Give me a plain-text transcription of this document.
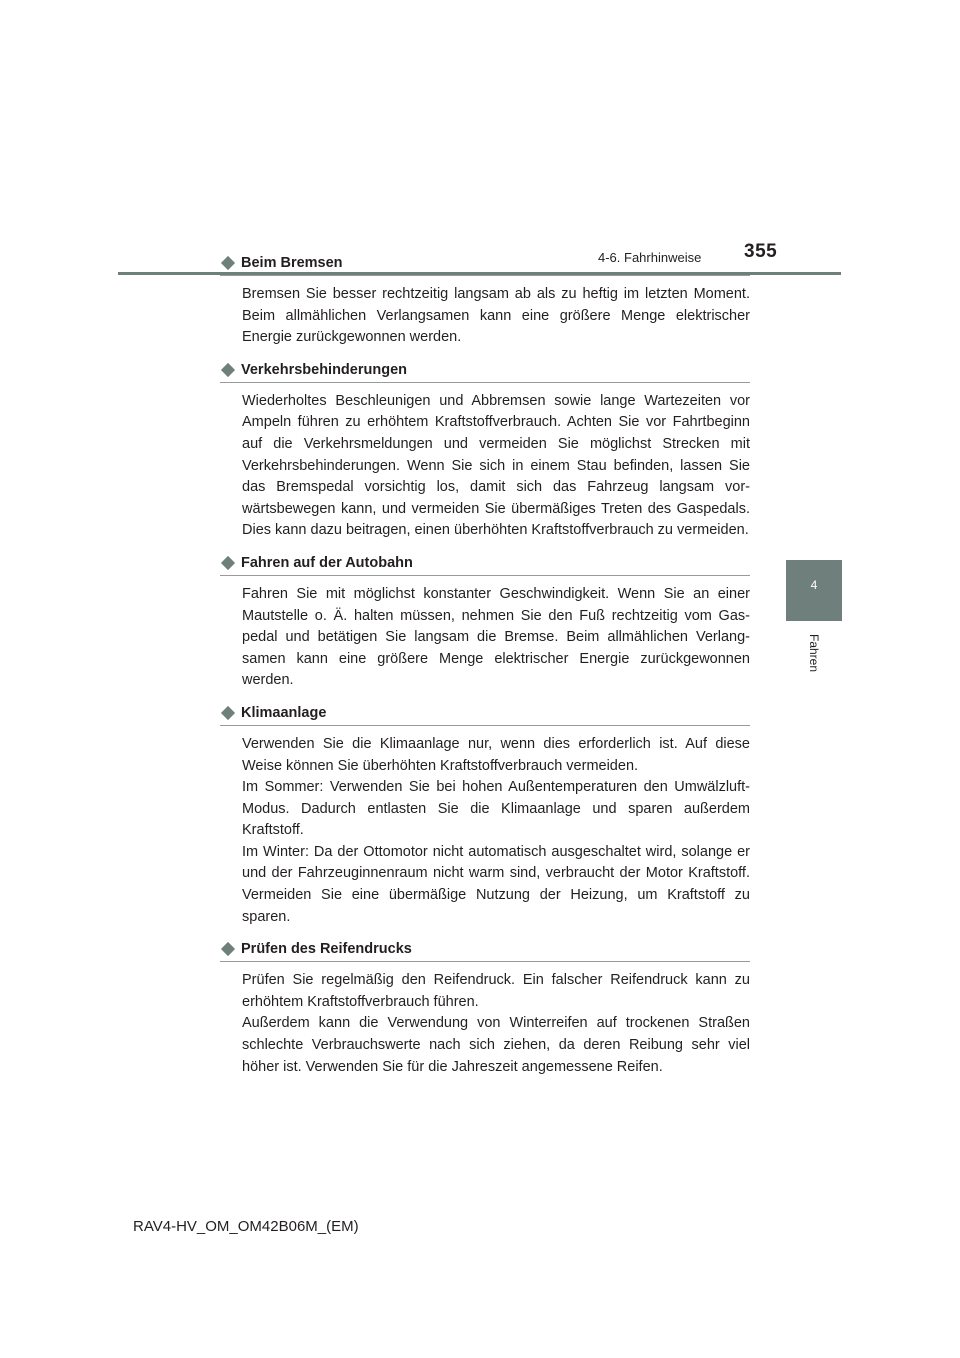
4-6. Fahrhinweise 355
4
Fahren
Beim Bremsen

Bremsen Sie besser rechtzeitig langsam ab als zu heftig im letzten Moment. Beim allmählichen Verlangsamen kann eine größere Menge elektrischer Energie zurückgewonnen werden.

Verkehrsbehinderungen

Wiederholtes Beschleunigen und Abbremsen sowie lange Wartezeiten vor Ampeln führen zu erhöhtem Kraftstoffverbrauch. Achten Sie vor Fahrtbeginn auf die Verkehrsmeldungen und vermeiden Sie möglichst Strecken mit Verkehrsbehinderungen. Wenn Sie sich in einem Stau befinden, lassen Sie das Bremspedal vorsichtig los, damit sich das Fahrzeug langsam vorwärtsbewegen kann, und vermeiden Sie übermäßiges Treten des Gaspedals. Dies kann dazu beitragen, einen überhöhten Kraftstoffverbrauch zu vermeiden.

Fahren auf der Autobahn

Fahren Sie mit möglichst konstanter Geschwindigkeit. Wenn Sie an einer Mautstelle o. Ä. halten müssen, nehmen Sie den Fuß rechtzeitig vom Gaspedal und betätigen Sie langsam die Bremse. Beim allmählichen Verlangsamen kann eine größere Menge elektrischer Energie zurückgewonnen werden.

Klimaanlage

Verwenden Sie die Klimaanlage nur, wenn dies erforderlich ist. Auf diese Weise können Sie überhöhten Kraftstoffverbrauch vermeiden.

Im Sommer: Verwenden Sie bei hohen Außentemperaturen den Umwälzluft-Modus. Dadurch entlasten Sie die Klimaanlage und sparen außerdem Kraftstoff.

Im Winter: Da der Ottomotor nicht automatisch ausgeschaltet wird, solange er und der Fahrzeuginnenraum nicht warm sind, verbraucht der Motor Kraftstoff. Vermeiden Sie eine übermäßige Nutzung der Heizung, um Kraftstoff zu sparen.

Prüfen des Reifendrucks

Prüfen Sie regelmäßig den Reifendruck. Ein falscher Reifendruck kann zu erhöhtem Kraftstoffverbrauch führen.

Außerdem kann die Verwendung von Winterreifen auf trockenen Straßen schlechte Verbrauchswerte nach sich ziehen, da deren Reibung sehr viel höher ist. Verwenden Sie für die Jahreszeit angemessene Reifen.

RAV4-HV_OM_OM42B06M_(EM)
